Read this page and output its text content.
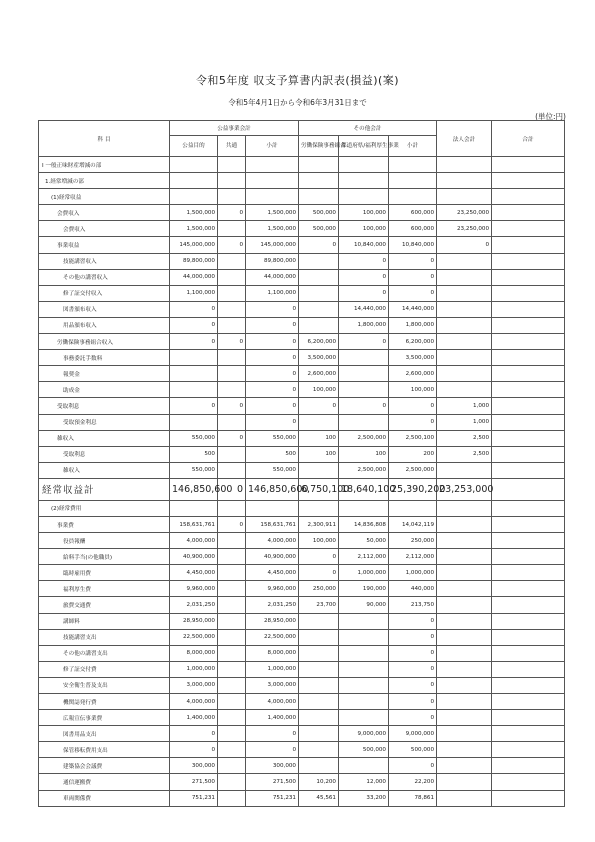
令和5年度 収支予算書内訳表(損益)(案)
令和5年4月1日から令和6年3月31日まで
(単位:円)
科 目	公益事業会計			その他会計			法人会計	合計	
	公益目的	共通	小計	労働保険事務組合	都道府県/福利厚生事業	小計			
Ⅰ 一般正味財産増減の部									
1.経常増減の部									
(1)経常収益									
会費収入	1,500,000	0	1,500,000	500,000	100,000	600,000	23,250,000		
会費収入	1,500,000		1,500,000	500,000	100,000	600,000	23,250,000		
事業収益	145,000,000	0	145,000,000	0	10,840,000	10,840,000	0		
技能講習収入	89,800,000		89,800,000		0	0			
その他の講習収入	44,000,000		44,000,000		0	0			
修了証交付収入	1,100,000		1,100,000		0	0			
図書頒布収入	0		0		14,440,000	14,440,000			
用品頒布収入	0		0		1,800,000	1,800,000			
労働保険事務組合収入	0	0	0	6,200,000	0	6,200,000			
事務委託手数料			0	3,500,000		3,500,000			
報奨金			0	2,600,000		2,600,000			
助成金			0	100,000		100,000			
受取利息	0	0	0	0	0	0	1,000		
受取預金利息			0			0	1,000		
雑収入	550,000	0	550,000	100	2,500,000	2,500,100	2,500		
受取利息	500		500	100	100	200	2,500		
雑収入	550,000		550,000		2,500,000	2,500,000			
経常収益計	146,850,600	0	146,850,600	6,750,100	18,640,100	25,390,200	23,253,000		
(2)経常費用									
事業費	158,631,761	0	158,631,761	2,300,911	14,836,808	14,042,119			
役員報酬	4,000,000		4,000,000	100,000	50,000	250,000			
給料手当(の他職員)	40,900,000		40,900,000	0	2,112,000	2,112,000			
臨時雇用費	4,450,000		4,450,000	0	1,000,000	1,000,000			
福利厚生費	9,960,000		9,960,000	250,000	190,000	440,000			
旅費交通費	2,031,250		2,031,250	23,700	90,000	213,750			
講師料	28,950,000		28,950,000			0			
技能講習支出	22,500,000		22,500,000			0			
その他の講習支出	8,000,000		8,000,000			0			
修了証交付費	1,000,000		1,000,000			0			
安全衛生普及支出	3,000,000		3,000,000			0			
機関誌発行費	4,000,000		4,000,000			0			
広報宣伝事業費	1,400,000		1,400,000			0			
図書用品支出	0		0		9,000,000	9,000,000			
保管移転費用支出	0		0		500,000	500,000			
建築協会会議費	300,000		300,000			0			
通信運搬費	271,500		271,500	10,200	12,000	22,200			
車両関係費	751,231		751,231	45,561	33,200	78,861			
